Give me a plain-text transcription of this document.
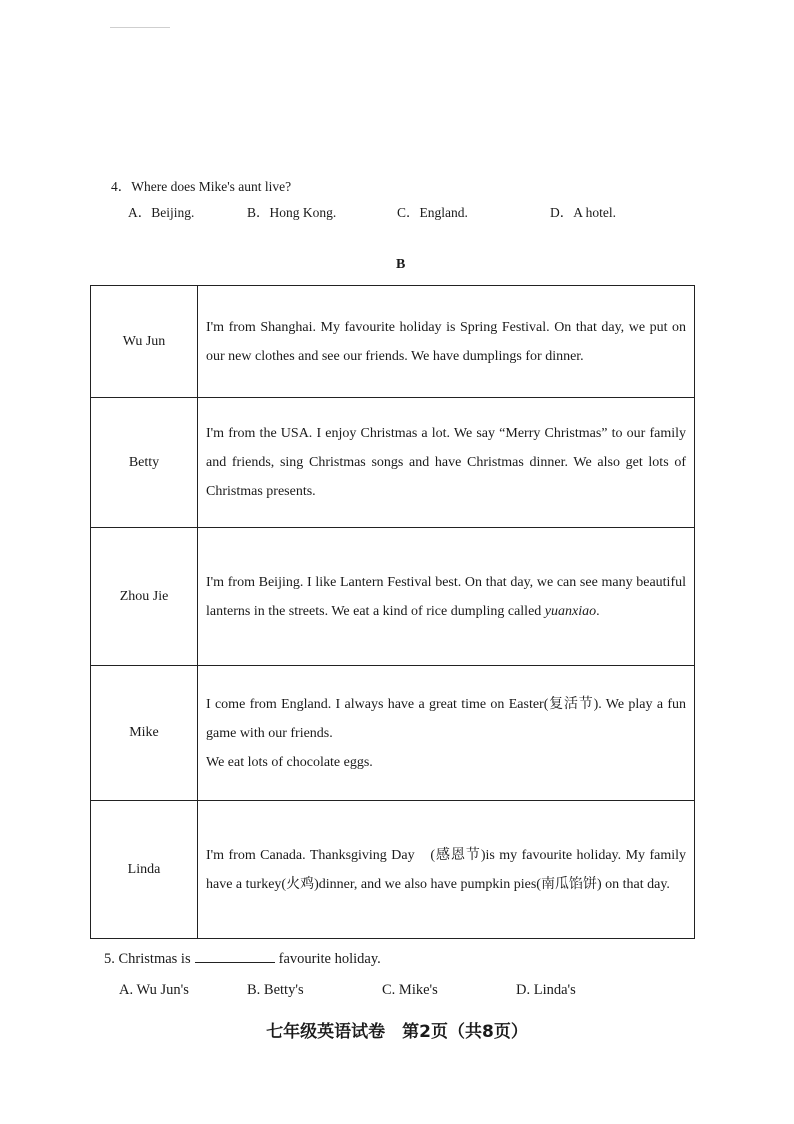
4．Where does Mike's aunt live?
A．Beijing.	B．Hong Kong.	C．England.	D．A hotel.
B
Wu Jun	I'm from Shanghai. My favourite holiday is Spring Festival. On that day, we put on our new clothes and see our friends. We have dumplings for dinner.
Betty	I'm from the USA. I enjoy Christmas a lot. We say “Merry Christmas” to our family and friends, sing Christmas songs and have Christmas dinner. We also get lots of Christmas presents.
Zhou Jie	I'm from Beijing. I like Lantern Festival best. On that day, we can see many beautiful lanterns in the streets. We eat a kind of rice dumpling called yuanxiao.
Mike	I come from England. I always have a great time on Easter(复活节). We play a fun game with our friends.
We eat lots of chocolate eggs.
Linda	I'm from Canada. Thanksgiving Day　(感恩节)is my favourite holiday. My family have a turkey(火鸡)dinner, and we also have pumpkin pies(南瓜馅饼) on that day.
5. Christmas is	favourite holiday.
A. Wu Jun's	B. Betty's	C. Mike's	D. Linda's
七年级英语试卷　第2页（共8页）
